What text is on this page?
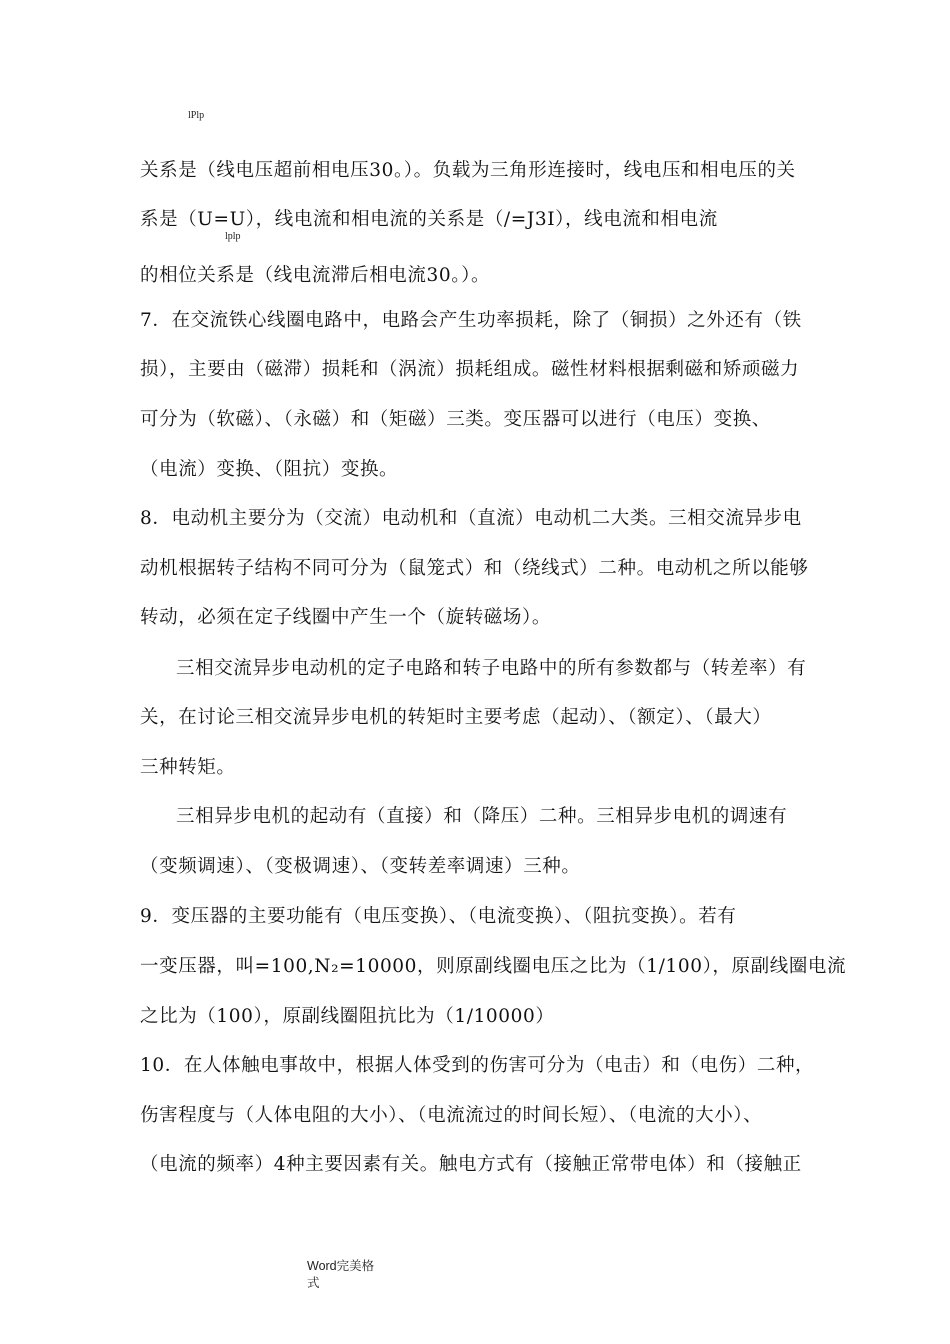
lPlp
关系是（线电压超前相电压30。）。负载为三角形连接时，线电压和相电压的关
系是（U=U），线电流和相电流的关系是（/=J3I），线电流和相电流
lplp
的相位关系是（线电流滞后相电流30。）。
7．在交流铁心线圈电路中，电路会产生功率损耗，除了（铜损）之外还有（铁
损），主要由（磁滞）损耗和（涡流）损耗组成。磁性材料根据剩磁和矫顽磁力
可分为（软磁）、（永磁）和（矩磁）三类。变压器可以进行（电压）变换、
（电流）变换、（阻抗）变换。
8．电动机主要分为（交流）电动机和（直流）电动机二大类。三相交流异步电
动机根据转子结构不同可分为（鼠笼式）和（绕线式）二种。电动机之所以能够
转动，必须在定子线圈中产生一个（旋转磁场）。
三相交流异步电动机的定子电路和转子电路中的所有参数都与（转差率）有
关，在讨论三相交流异步电机的转矩时主要考虑（起动）、（额定）、（最大）
三种转矩。
三相异步电机的起动有（直接）和（降压）二种。三相异步电机的调速有
（变频调速）、（变极调速）、（变转差率调速）三种。
9．变压器的主要功能有（电压变换）、（电流变换）、（阻抗变换）。若有
一变压器，叫=100,N₂=10000，则原副线圈电压之比为（1/100），原副线圈电流
之比为（100），原副线圈阻抗比为（1/10000）
10．在人体触电事故中，根据人体受到的伤害可分为（电击）和（电伤）二种，
伤害程度与（人体电阻的大小）、（电流流过的时间长短）、（电流的大小）、
（电流的频率）4种主要因素有关。触电方式有（接触正常带电体）和（接触正
Word完美格
式
